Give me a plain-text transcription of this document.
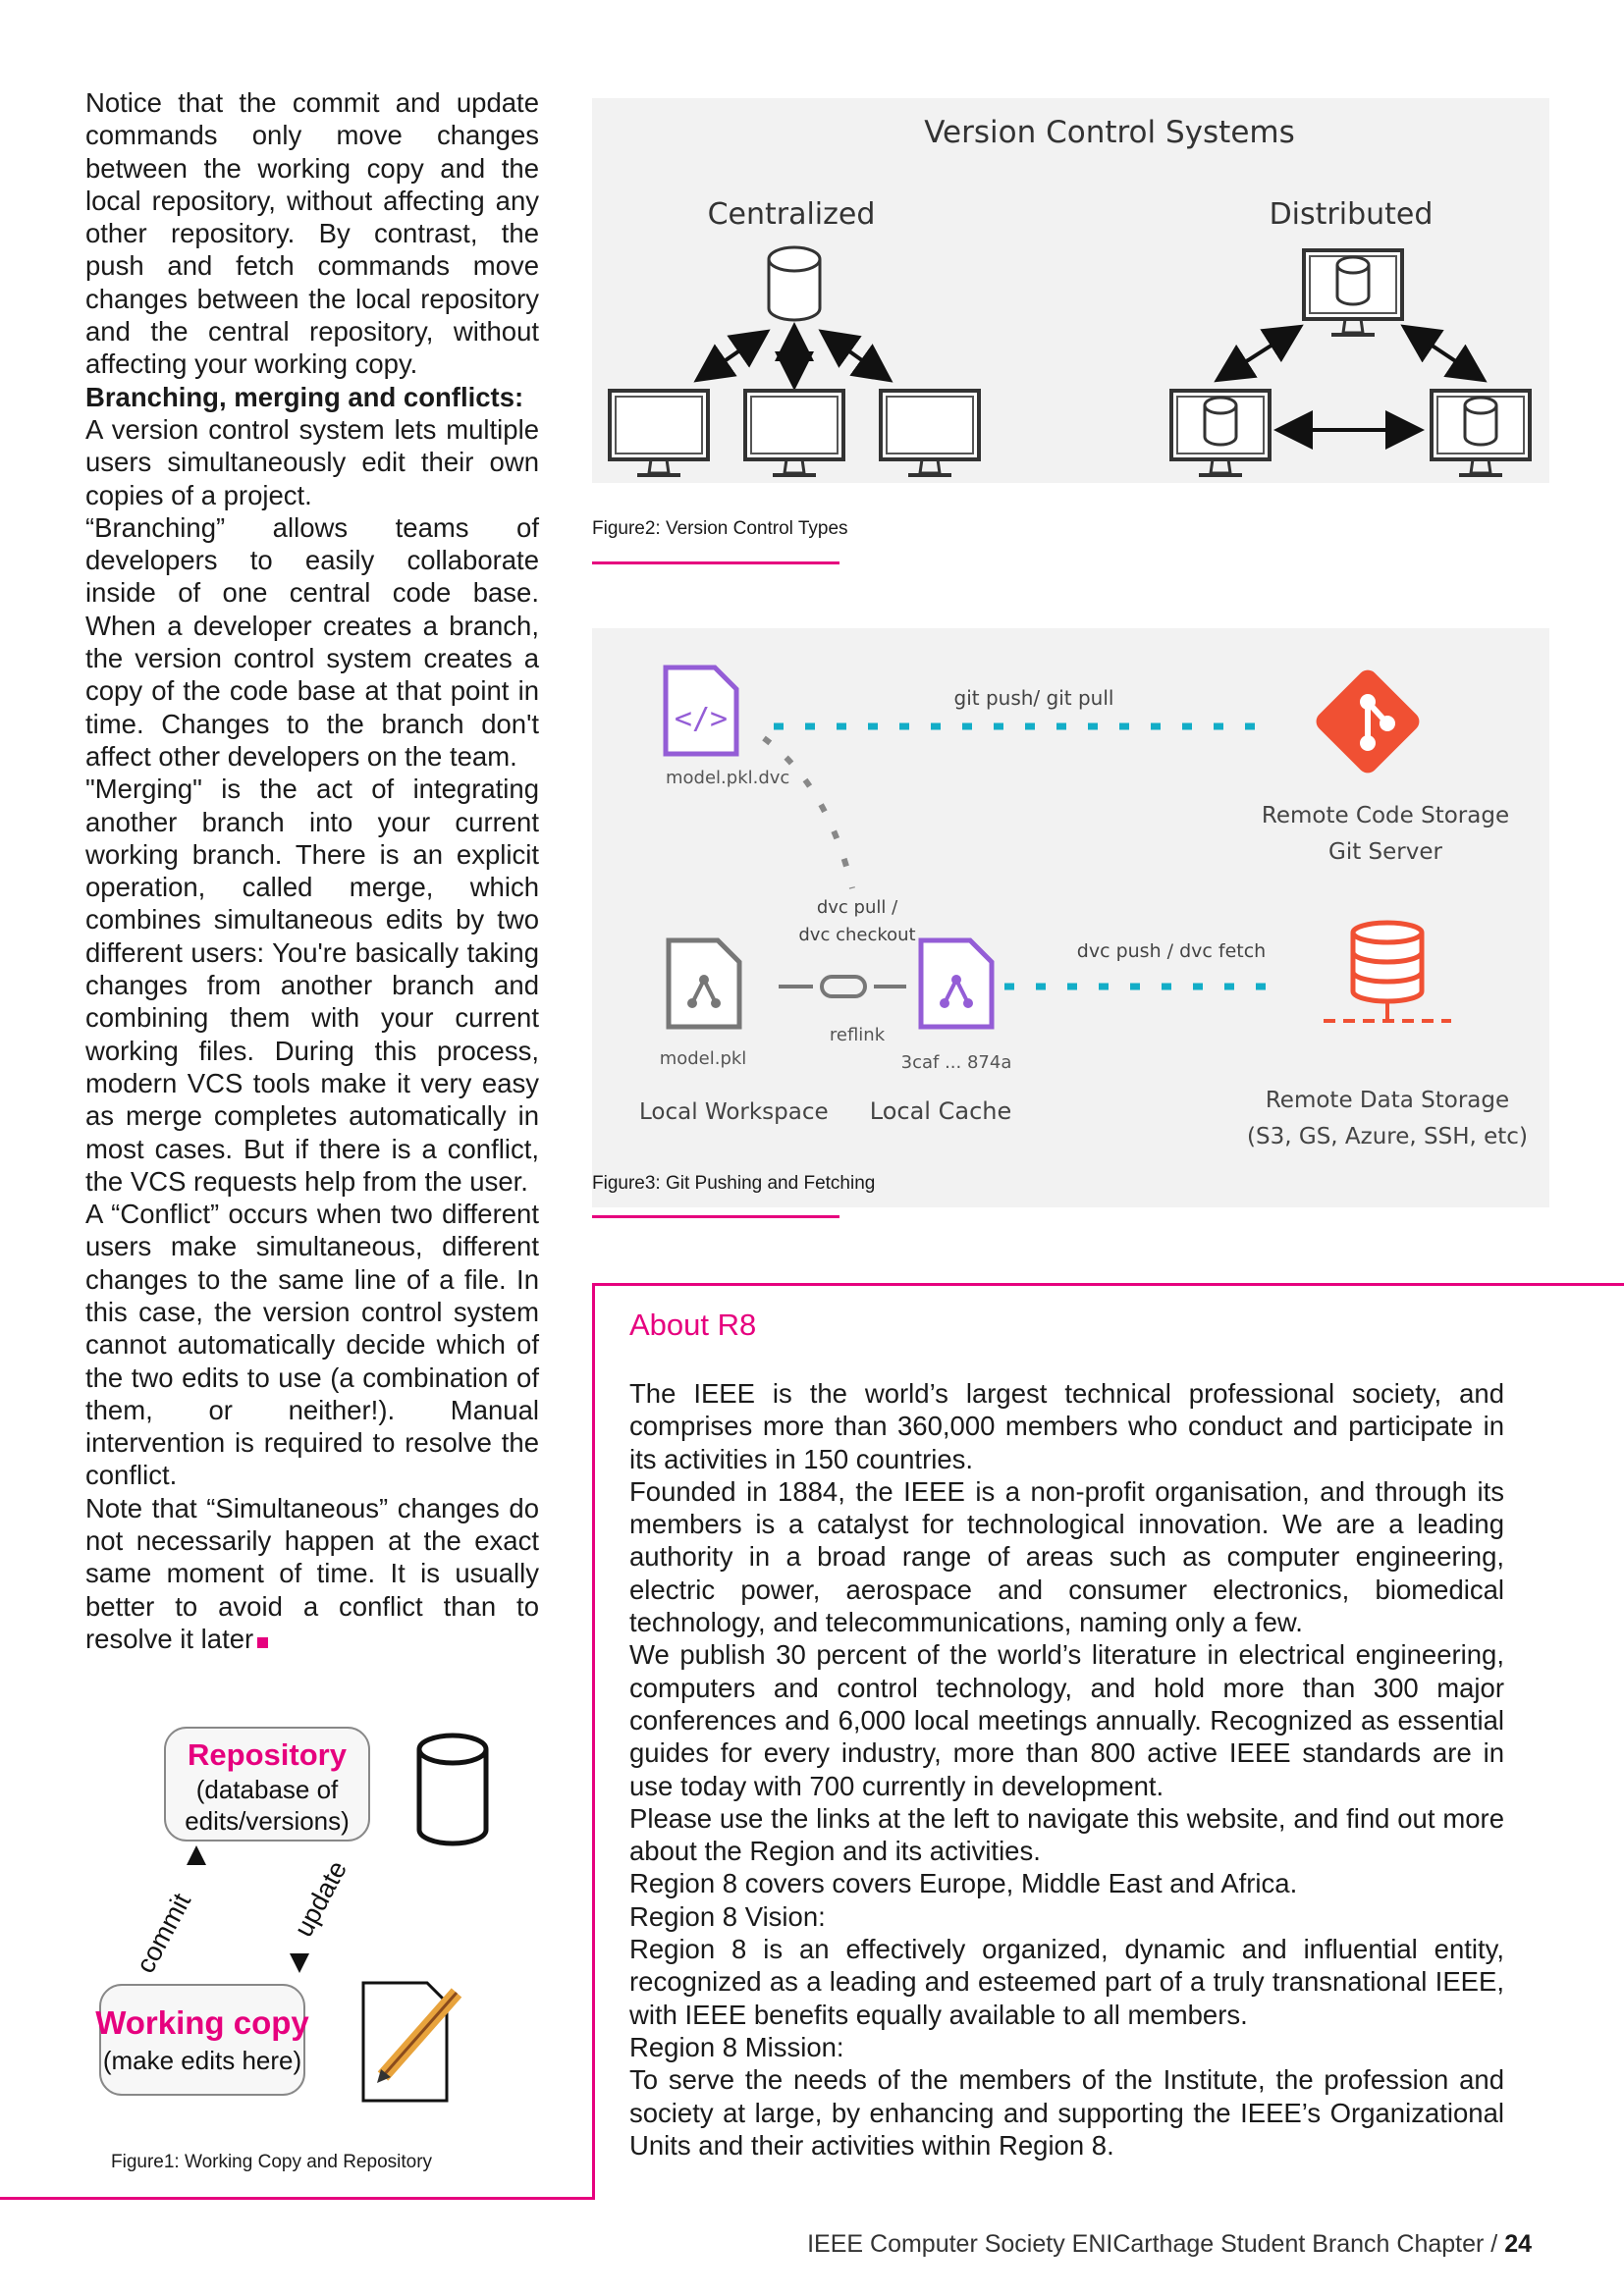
Notice that the commit and update commands only move changes between the working copy and the local repository, without affecting any other repository. By contrast, the push and fetch commands move changes between the local repository and the central repository, without affecting your working copy.

Branching, merging and conflicts:

A version control system lets multiple users simultaneously edit their own copies of a project.

“Branching” allows teams of developers to easily collaborate inside of one central code base. When a developer creates a branch, the version control system creates a copy of the code base at that point in time. Changes to the branch don't affect other developers on the team.

"Merging" is the act of integrating another branch into your current working branch. There is an explicit operation, called merge, which combines simultaneous edits by two different users: You're basically taking changes from another branch and combining them with your current working files. During this process, modern VCS tools make it very easy as merge completes automatically in most cases. But if there is a conflict, the VCS requests help from the user.

A “Conflict” occurs when two different users make simultaneous, different changes to the same line of a file. In this case, the version control system cannot automatically decide which of the two edits to use (a combination of them, or neither!). Manual intervention is required to resolve the conflict.

Note that “Simultaneous” changes do not necessarily happen at the exact same moment of time. It is usually better to avoid a conflict than to resolve it later

Version Control Systems
Centralized	Distributed
Figure2: Version Control Types
</>
model.pkl.dvc
git push/ git pull
Remote Code Storage
Git Server
dvc pull /
dvc checkout
model.pkl
reflink
3caf ... 874a
dvc push / dvc fetch
Local Workspace Local Cache	Remote Data Storage
(S3, GS, Azure, SSH, etc)
Figure3: Git Pushing and Fetching
Repository
(database of
edits/versions)
commit	update
Working copy
(make edits here)
Figure1: Working Copy and Repository
About R8

The IEEE is the world’s largest technical professional society, and comprises more than 360,000 members who conduct and participate in its activities in 150 countries.

Founded in 1884, the IEEE is a non-profit organisation, and through its members is a catalyst for technological innovation. We are a leading authority in a broad range of areas such as computer engineering, electric power, aerospace and consumer electronics, biomedical technology, and telecommunications, naming only a few.

We publish 30 percent of the world’s literature in electrical engineering, computers and control technology, and hold more than 300 major conferences and 6,000 local meetings annually. Recognized as essential guides for every industry, more than 800 active IEEE standards are in use today with 700 currently in development.

Please use the links at the left to navigate this website, and find out more about the Region and its activities.

Region 8 covers covers Europe, Middle East and Africa.

Region 8 Vision:

Region 8 is an effectively organized, dynamic and influential entity, recognized as a leading and esteemed part of a truly transnational IEEE, with IEEE benefits equally available to all members.

Region 8 Mission:

To serve the needs of the members of the Institute, the profession and society at large, by enhancing and supporting the IEEE’s Organizational Units and their activities within Region 8.

IEEE Computer Society ENICarthage Student Branch Chapter / 24
